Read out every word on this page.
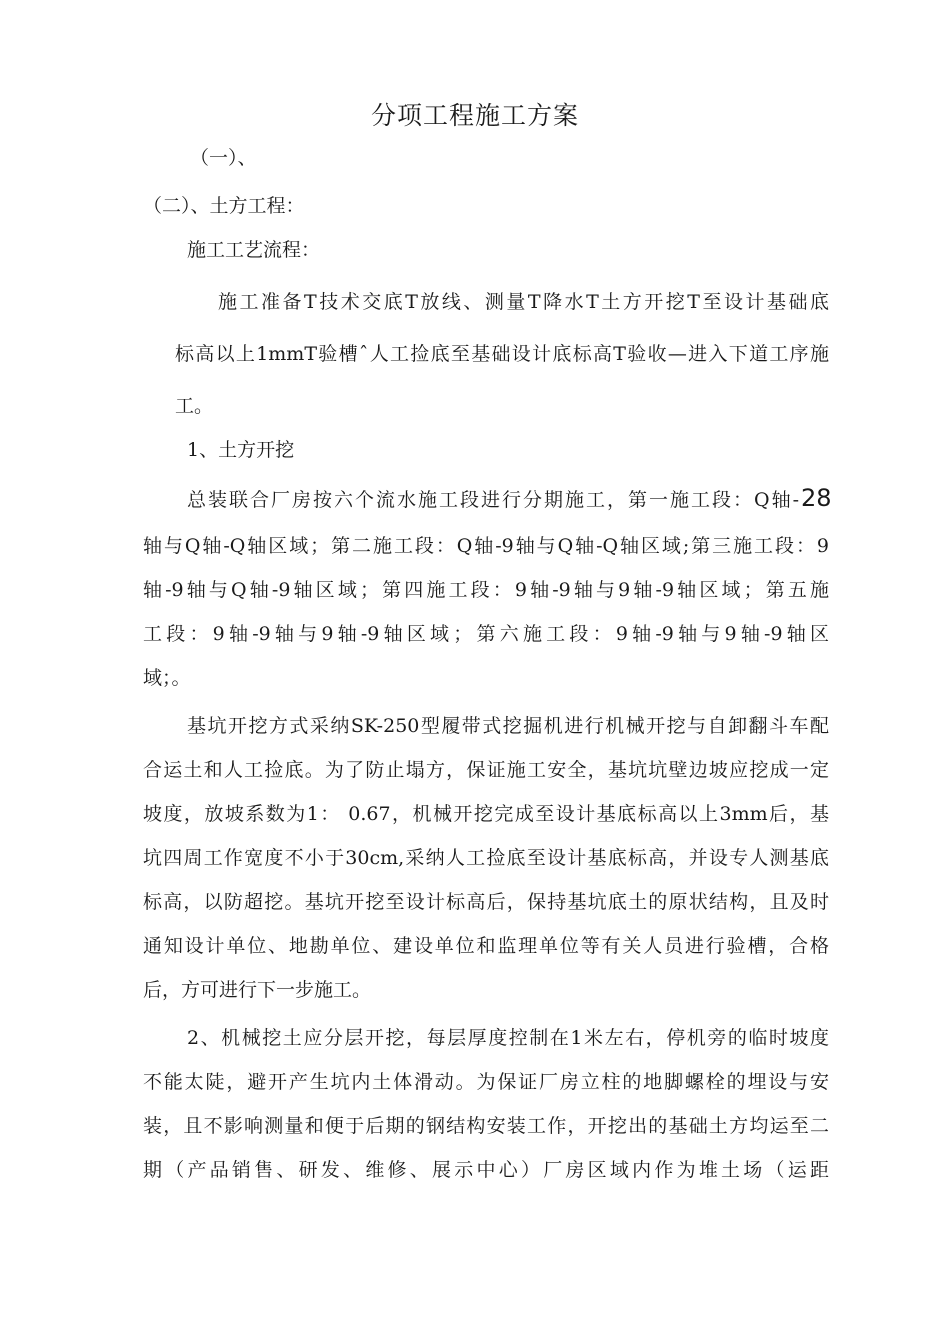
分项工程施工方案
（一）、
（二）、土方工程：
施工工艺流程：
施工准备T技术交底T放线、测量T降水T土方开挖T至设计基础底
标高以上1mmT验槽ˆ人工捡底至基础设计底标高T验收—进入下道工序施
工。
1、土方开挖
总装联合厂房按六个流水施工段进行分期施工，第一施工段：Q轴- 28
轴与Q轴-Q轴区域；第二施工段：Q轴-9轴与Q轴-Q轴区域;第三施工段：9
轴-9轴与Q轴-9轴区域；第四施工段：9轴-9轴与9轴-9轴区域；第五施
工段：9轴-9轴与9轴-9轴区域；第六施工段：9轴-9轴与9轴-9轴区
域；。
基坑开挖方式采纳SK-250型履带式挖掘机进行机械开挖与自卸翻斗车配
合运土和人工捡底。为了防止塌方，保证施工安全，基坑坑壁边坡应挖成一定
坡度，放坡系数为1： 0.67，机械开挖完成至设计基底标高以上3mm后，基
坑四周工作宽度不小于30cm,采纳人工捡底至设计基底标高，并设专人测基底
标高，以防超挖。基坑开挖至设计标高后，保持基坑底土的原状结构，且及时
通知设计单位、地勘单位、建设单位和监理单位等有关人员进行验槽，合格
后，方可进行下一步施工。
2、机械挖土应分层开挖，每层厚度控制在1米左右，停机旁的临时坡度
不能太陡，避开产生坑内土体滑动。为保证厂房立柱的地脚螺栓的埋设与安
装，且不影响测量和便于后期的钢结构安装工作，开挖出的基础土方均运至二
期（产品销售、研发、维修、展示中心）厂房区域内作为堆土场（运距
